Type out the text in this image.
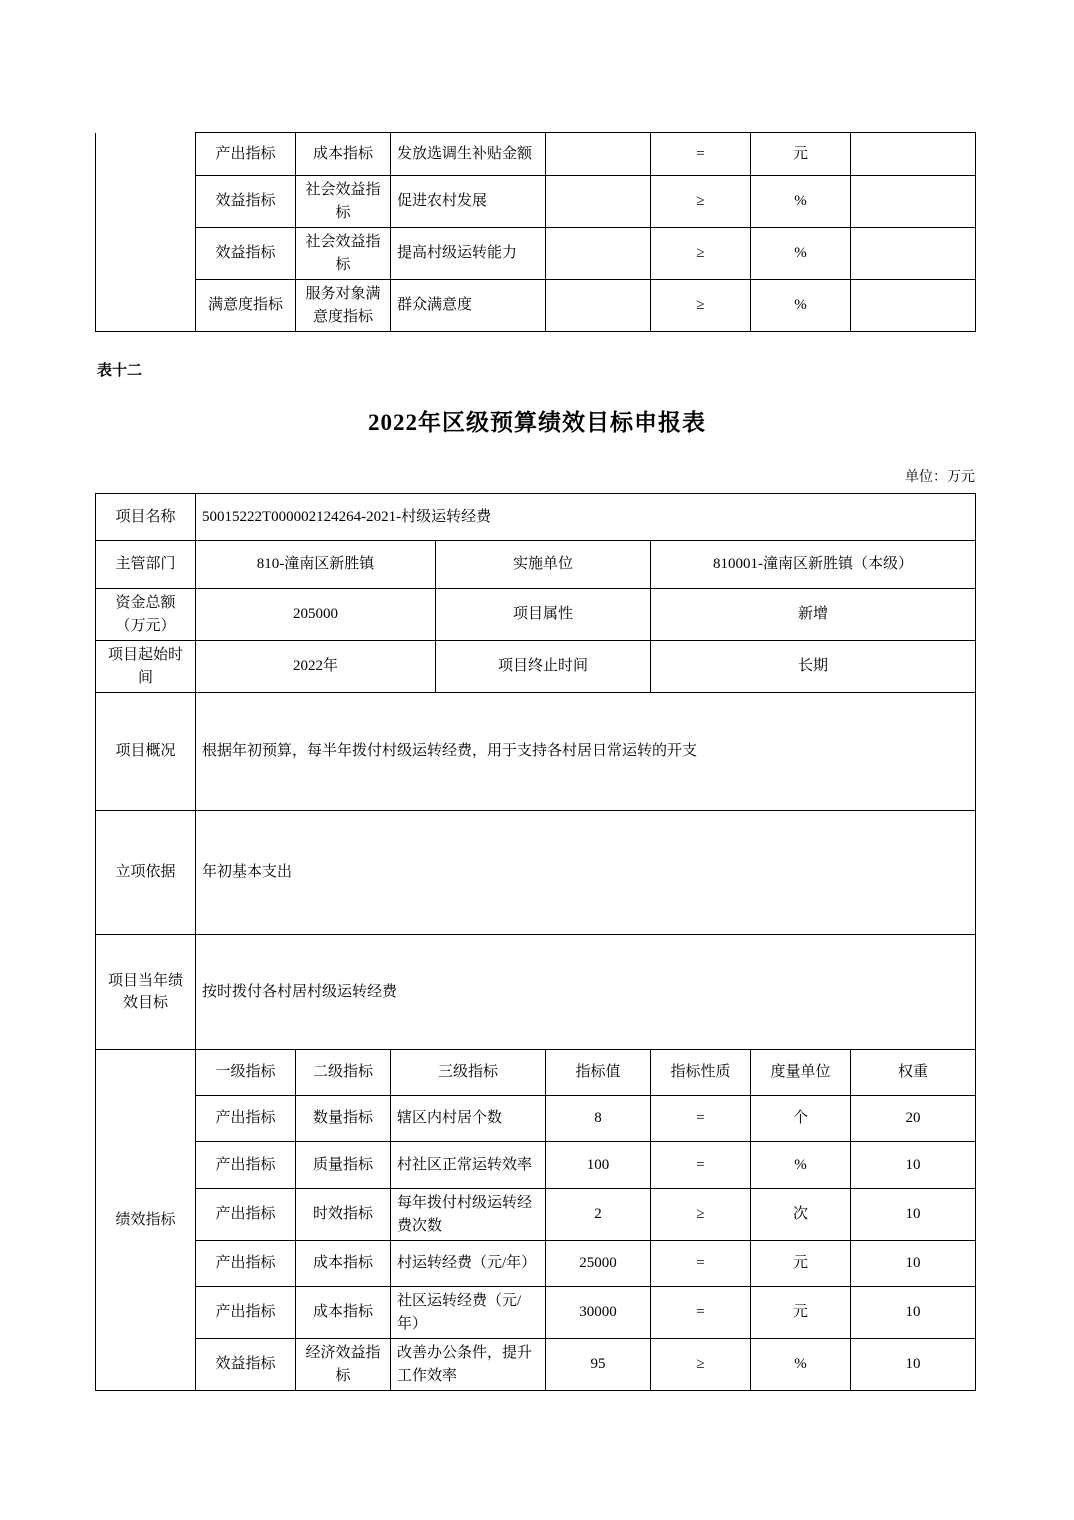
	产出指标	成本指标	发放选调生补贴金额		=	元	
	效益指标	社会效益指标	促进农村发展		≥	%	
	效益指标	社会效益指标	提高村级运转能力		≥	%	
	满意度指标	服务对象满意度指标	群众满意度		≥	%	
表十二
2022年区级预算绩效目标申报表
单位：万元
项目名称	50015222T000002124264-2021-村级运转经费							
主管部门	810-潼南区新胜镇			实施单位		810001-潼南区新胜镇（本级）		
资金总额（万元）	205000			项目属性		新增		
项目起始时间	2022年			项目终止时间		长期		
项目概况	根据年初预算，每半年拨付村级运转经费，用于支持各村居日常运转的开支							
立项依据	年初基本支出							
项目当年绩效目标	按时拨付各村居村级运转经费							
绩效指标	一级指标	二级指标	三级指标		指标值	指标性质	度量单位	权重
	产出指标	数量指标	辖区内村居个数		8	=	个	20
	产出指标	质量指标	村社区正常运转效率		100	=	%	10
	产出指标	时效指标	每年拨付村级运转经费次数		2	≥	次	10
	产出指标	成本指标	村运转经费（元/年）		25000	=	元	10
	产出指标	成本指标	社区运转经费（元/年）		30000	=	元	10
	效益指标	经济效益指标	改善办公条件，提升工作效率		95	≥	%	10
